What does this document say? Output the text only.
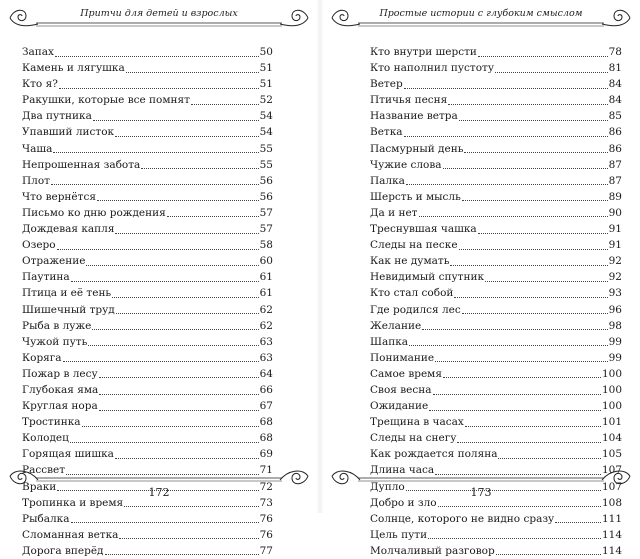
Притчи для детей и взрослых
Запах	50
Камень и лягушка	51
Кто я?	51
Ракушки, которые все помнят	52
Два путника	54
Упавший листок	54
Чаша	55
Непрошенная забота	55
Плот	56
Что вернётся	56
Письмо ко дню рождения	57
Дождевая капля	57
Озеро	58
Отражение	60
Паутина	61
Птица и её тень	61
Шишечный труд	62
Рыба в луже	62
Чужой путь	63
Коряга	63
Пожар в лесу	64
Глубокая яма	66
Круглая нора	67
Тростинка	68
Колодец	68
Горящая шишка	69
Рассвет	71
Враки	72
Тропинка и время	73
Рыбалка	76
Сломанная ветка	76
Дорога вперёд	77
172
Простые истории с глубоким смыслом
Кто внутри шерсти	78
Кто наполнил пустоту	81
Ветер	84
Птичья песня	84
Название ветра	85
Ветка	86
Пасмурный день	86
Чужие слова	87
Палка	87
Шерсть и мысль	89
Да и нет	90
Треснувшая чашка	91
Следы на песке	91
Как не думать	92
Невидимый спутник	92
Кто стал собой	93
Где родился лес	96
Желание	98
Шапка	99
Понимание	99
Самое время	100
Своя весна	100
Ожидание	100
Трещина в часах	101
Следы на снегу	104
Как рождается поляна	105
Длина часа	107
Дупло	107
Добро и зло	108
Солнце, которого не видно сразу	111
Цель пути	114
Молчаливый разговор	114
173
